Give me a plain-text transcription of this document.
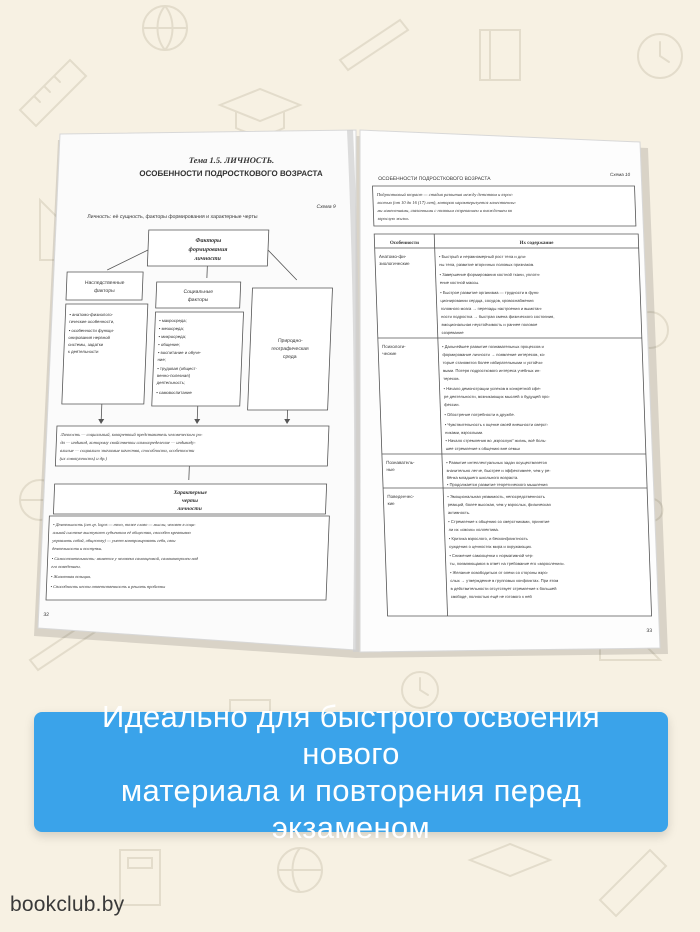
Тема 1.5. ЛИЧНОСТЬ.
ОСОБЕННОСТИ ПОДРОСТКОВОГО ВОЗРАСТА
Схема 9
Личность: её сущность, факторы формирования и характерные черты
Факторы
формирования
личности
Наследственные
факторы	Социальные
факторы
Природно-
географическая
среда
• анатомо-физиолого-
гические особенности,
• особенности функци-
онирования нервной
системы, задатки
к деятельности
• макросреда;
• мезосреда;
• микросреда;
• общение;
• воспитание и обуче-
ние;
• трудовая (общест-
венно-полезная)
деятельность;
• самовоспитание
Личность — социальный, конкретный представитель человеческого ро-
да — индивид, которому свойственны самоопределение — индивиду-
альные — социально значимые качества, способности, особенности
(их совокупность) и др.)
Характерные
черты
личности
• Деятельность (от гр. logos — тело, тоже слово — мысли, человек в соци-
альной системе выступает субъектом её общества, способен креативно
управлять собой, обществу) — умеет контролировать себя, свои
деятельности и поступки.
• Самостоятельность: является у человека самооценкой, самоконтролем над
его поведением.
• Жизненная позиция.
• Способность нести ответственность и решать проблемы
32
ОСОБЕННОСТИ ПОДРОСТКОВОГО ВОЗРАСТА
Схема 10
Подростковый возраст — стадия развития между детством и взрос-
лостью (от 10 до 16 (17) лет), которая характеризуется качественны-
ми изменениями, связанными с половым созреванием и вхождением во
взрослую жизнь
Особенности	Их содержание
Анатомо-фи-
зиологические
• Быстрый и неравномерный рост тела и дли-
ны тела, развитие вторичных половых признаков.
• Завершение формирования костной ткани, уплотн-
ение костной массы.
• Быстрое развитие организма — трудности в функ-
ционировании сердца, сосудов, кровоснабжения
головного мозга → перепады настроения и вымотан-
ности подростка → быстрая смена физического состояния,
эмоциональная неустойчивость и раннее половое
созревание
Психологи-
ческие
• Дальнейшее развитие познавательных процессов и
формирование личности → появление интересов, ко-
торые становятся более избирательными и устойчи-
выми. Потеря подросткового интереса учебных ин-
тересов.
• Начало демонстрации успехов в конкретной сфе-
ре деятельности, возникающих мыслей о будущей про-
фессии.
• Обострение потребности в дружбе.
• Чувствительность к оценке своей внешности сверст-
никами, взрослыми.
• Начало стремления во „взрослую“ жизнь, всё боль-
шее стремление к общению вне семьи
Познаватель-
ные
• Развитие интеллектуальных задач осуществляется
значительно легче, быстрее и эффективнее, чем у ре-
бёнка младшего школьного возраста.
• Продолжается развитие теоретического мышления
Поведенчес-
кие
• Эмоциональная уязвимость, непосредственность
реакций, более высокая, чем у взрослых, физическая
активность.
• Стремление к общению со сверстниками, принятие
ли их «своих» коллектива.
• Критика взрослого, и бесконфликтность
суждения о ценностях мира и окружающих.
• Снижение самооценки к нормативной чер-
ты, появляющаяся в ответ на требование его «взросления».
• Желание освободиться от опеки со стороны взро-
слых → утверждение в групповых конфликтах. При этом
в действительности отсутствует стремление к большей
свободе, полностью ещё не готового к ней
33
Идеально для быстрого освоения нового
материала и повторения перед
экзаменом
bookclub.by
